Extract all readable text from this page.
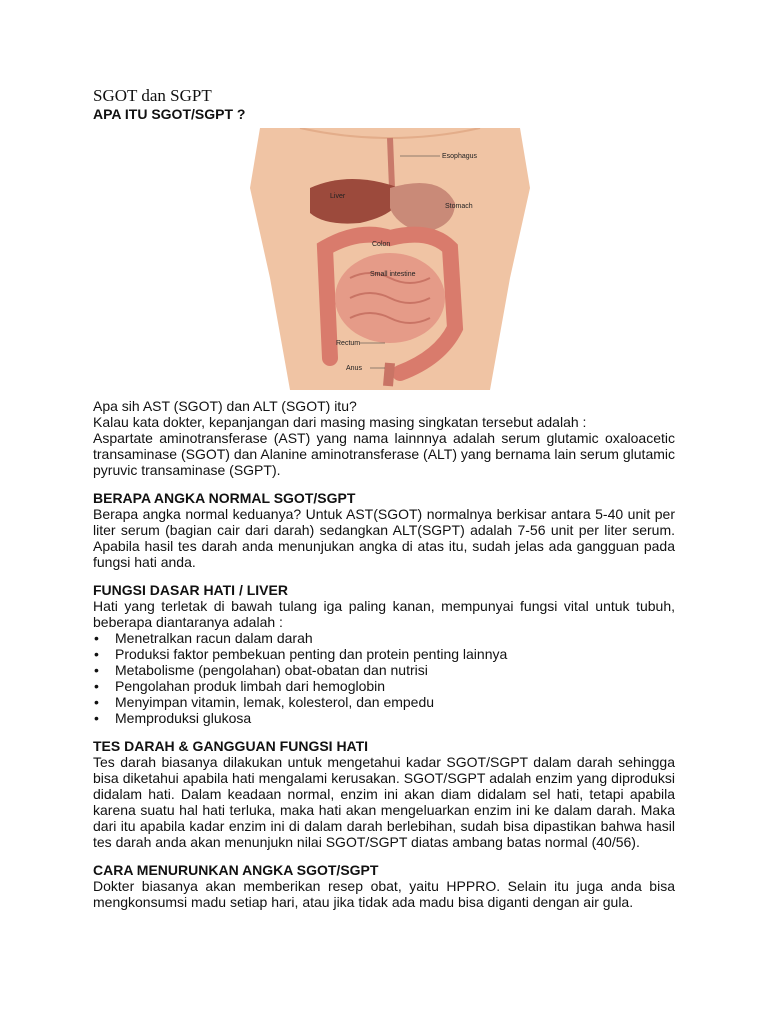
SGOT dan SGPT

APA ITU SGOT/SGPT ?

Esophagus
Liver
Stomach
Colon
Small intestine
Rectum
Anus

Apa sih AST (SGOT) dan ALT (SGOT) itu?

Kalau kata dokter, kepanjangan dari masing masing singkatan tersebut adalah :

Aspartate aminotransferase (AST) yang nama lainnnya adalah serum glutamic oxaloacetic transaminase (SGOT) dan Alanine aminotransferase (ALT) yang bernama lain serum glutamic pyruvic transaminase (SGPT).

BERAPA ANGKA NORMAL SGOT/SGPT

Berapa angka normal keduanya? Untuk AST(SGOT) normalnya berkisar antara 5-40 unit per liter serum (bagian cair dari darah) sedangkan ALT(SGPT) adalah 7-56 unit per liter serum. Apabila hasil tes darah anda menunjukan angka di atas itu, sudah jelas ada gangguan pada fungsi hati anda.

FUNGSI DASAR HATI / LIVER

Hati yang terletak di bawah tulang iga paling kanan, mempunyai fungsi vital untuk tubuh, beberapa diantaranya adalah :

• Menetralkan racun dalam darah
• Produksi faktor pembekuan penting dan protein penting lainnya
• Metabolisme (pengolahan) obat-obatan dan nutrisi
• Pengolahan produk limbah dari hemoglobin
• Menyimpan vitamin, lemak, kolesterol, dan empedu
• Memproduksi glukosa

TES DARAH & GANGGUAN FUNGSI HATI

Tes darah biasanya dilakukan untuk mengetahui kadar SGOT/SGPT dalam darah sehingga bisa diketahui apabila hati mengalami kerusakan. SGOT/SGPT adalah enzim yang diproduksi didalam hati. Dalam keadaan normal, enzim ini akan diam didalam sel hati, tetapi apabila karena suatu hal hati terluka, maka hati akan mengeluarkan enzim ini ke dalam darah. Maka dari itu apabila kadar enzim ini di dalam darah berlebihan, sudah bisa dipastikan bahwa hasil tes darah anda akan menunjukn nilai SGOT/SGPT diatas ambang batas normal (40/56).

CARA MENURUNKAN ANGKA SGOT/SGPT

Dokter biasanya akan memberikan resep obat, yaitu HPPRO. Selain itu juga anda bisa mengkonsumsi madu setiap hari, atau jika tidak ada madu bisa diganti dengan air gula.
